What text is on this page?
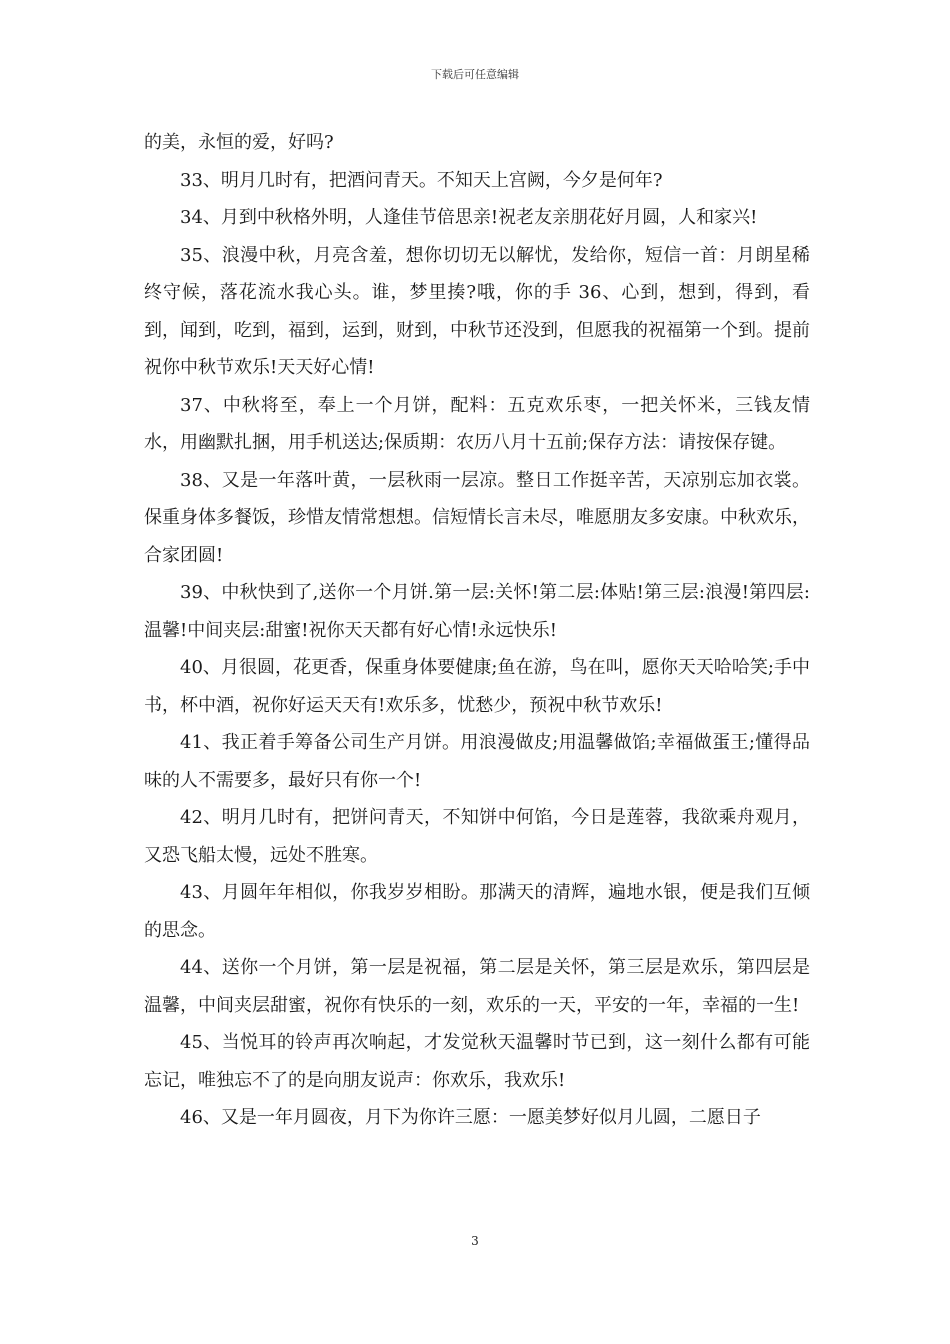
下载后可任意编辑

的美，永恒的爱，好吗?

33、明月几时有，把酒问青天。不知天上宫阙，今夕是何年?

34、月到中秋格外明，人逢佳节倍思亲!祝老友亲朋花好月圆，人和家兴!

35、浪漫中秋，月亮含羞，想你切切无以解忧，发给你，短信一首：月朗星稀终守候，落花流水我心头。谁，梦里揍?哦，你的手 36、心到，想到，得到，看到，闻到，吃到，福到，运到，财到，中秋节还没到，但愿我的祝福第一个到。提前祝你中秋节欢乐!天天好心情!

37、中秋将至，奉上一个月饼，配料：五克欢乐枣，一把关怀米，三钱友情水，用幽默扎捆，用手机送达;保质期：农历八月十五前;保存方法：请按保存键。

38、又是一年落叶黄，一层秋雨一层凉。整日工作挺辛苦，天凉别忘加衣裳。保重身体多餐饭，珍惜友情常想想。信短情长言未尽，唯愿朋友多安康。中秋欢乐，合家团圆!

39、中秋快到了,送你一个月饼.第一层:关怀!第二层:体贴!第三层:浪漫!第四层:温馨!中间夹层:甜蜜!祝你天天都有好心情!永远快乐!

40、月很圆，花更香，保重身体要健康;鱼在游，鸟在叫，愿你天天哈哈笑;手中书，杯中酒，祝你好运天天有!欢乐多，忧愁少，预祝中秋节欢乐!

41、我正着手筹备公司生产月饼。用浪漫做皮;用温馨做馅;幸福做蛋王;懂得品味的人不需要多，最好只有你一个!

42、明月几时有，把饼问青天，不知饼中何馅，今日是莲蓉，我欲乘舟观月，又恐飞船太慢，远处不胜寒。

43、月圆年年相似，你我岁岁相盼。那满天的清辉，遍地水银，便是我们互倾的思念。

44、送你一个月饼，第一层是祝福，第二层是关怀，第三层是欢乐，第四层是温馨，中间夹层甜蜜，祝你有快乐的一刻，欢乐的一天，平安的一年，幸福的一生!

45、当悦耳的铃声再次响起，才发觉秋天温馨时节已到，这一刻什么都有可能忘记，唯独忘不了的是向朋友说声：你欢乐，我欢乐!

46、又是一年月圆夜，月下为你许三愿：一愿美梦好似月儿圆，二愿日子

3
